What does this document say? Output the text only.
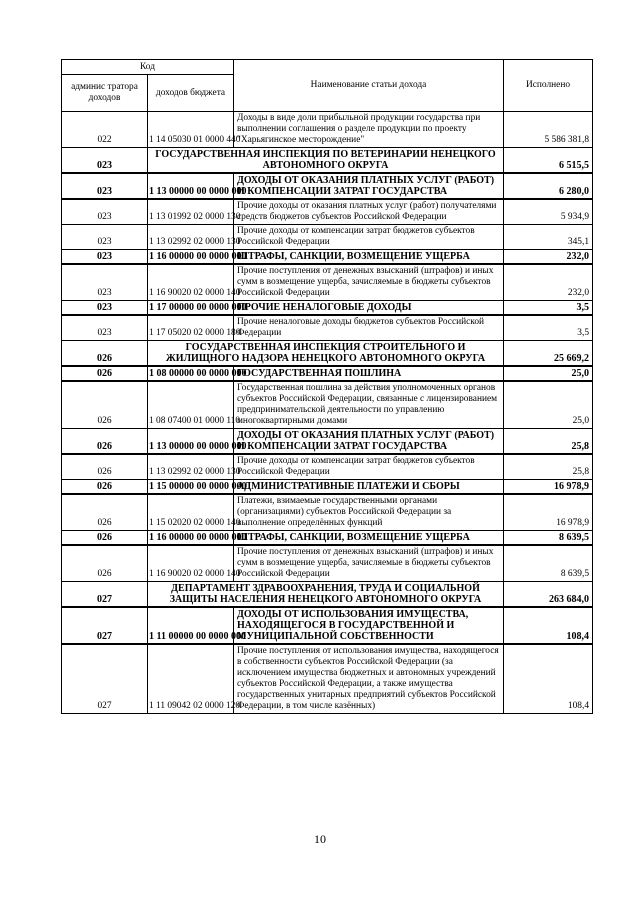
Код		Наименование статьи дохода	Исполнено
админис тратора доходов	доходов бюджета		
022	1 14 05030 01 0000 440	Доходы в виде доли прибыльной продукции государства при выполнении соглашения о разделе продукции по проекту "Харьягинское месторождение"	5 586 381,8
023	ГОСУДАРСТВЕННАЯ ИНСПЕКЦИЯ ПО ВЕТЕРИНАРИИ НЕНЕЦКОГО АВТОНОМНОГО ОКРУГА		6 515,5
023	1 13 00000 00 0000 000	ДОХОДЫ ОТ ОКАЗАНИЯ ПЛАТНЫХ УСЛУГ (РАБОТ) И КОМПЕНСАЦИИ ЗАТРАТ ГОСУДАРСТВА	6 280,0
023	1 13 01992 02 0000 130	Прочие доходы от оказания платных услуг (работ) получателями средств бюджетов субъектов Российской Федерации	5 934,9
023	1 13 02992 02 0000 130	Прочие доходы от компенсации затрат бюджетов субъектов Российской Федерации	345,1
023	1 16 00000 00 0000 000	ШТРАФЫ, САНКЦИИ, ВОЗМЕЩЕНИЕ УЩЕРБА	232,0
023	1 16 90020 02 0000 140	Прочие поступления от денежных взысканий (штрафов) и иных сумм в возмещение ущерба, зачисляемые в бюджеты субъектов Российской Федерации	232,0
023	1 17 00000 00 0000 000	ПРОЧИЕ НЕНАЛОГОВЫЕ ДОХОДЫ	3,5
023	1 17 05020 02 0000 180	Прочие неналоговые доходы бюджетов субъектов Российской Федерации	3,5
026	ГОСУДАРСТВЕННАЯ ИНСПЕКЦИЯ СТРОИТЕЛЬНОГО И ЖИЛИЩНОГО НАДЗОРА НЕНЕЦКОГО АВТОНОМНОГО ОКРУГА		25 669,2
026	1 08 00000 00 0000 000	ГОСУДАРСТВЕННАЯ ПОШЛИНА	25,0
026	1 08 07400 01 0000 110	Государственная пошлина за действия уполномоченных органов субъектов Российской Федерации, связанные с лицензированием предпринимательской деятельности по управлению многоквартирными домами	25,0
026	1 13 00000 00 0000 000	ДОХОДЫ ОТ ОКАЗАНИЯ ПЛАТНЫХ УСЛУГ (РАБОТ) И КОМПЕНСАЦИИ ЗАТРАТ ГОСУДАРСТВА	25,8
026	1 13 02992 02 0000 130	Прочие доходы от компенсации затрат бюджетов субъектов Российской Федерации	25,8
026	1 15 00000 00 0000 000	АДМИНИСТРАТИВНЫЕ ПЛАТЕЖИ И СБОРЫ	16 978,9
026	1 15 02020 02 0000 140	Платежи, взимаемые государственными органами (организациями) субъектов Российской Федерации за выполнение определённых функций	16 978,9
026	1 16 00000 00 0000 000	ШТРАФЫ, САНКЦИИ, ВОЗМЕЩЕНИЕ УЩЕРБА	8 639,5
026	1 16 90020 02 0000 140	Прочие поступления от денежных взысканий (штрафов) и иных сумм в возмещение ущерба, зачисляемые в бюджеты субъектов Российской Федерации	8 639,5
027	ДЕПАРТАМЕНТ ЗДРАВООХРАНЕНИЯ, ТРУДА И СОЦИАЛЬНОЙ ЗАЩИТЫ НАСЕЛЕНИЯ НЕНЕЦКОГО АВТОНОМНОГО ОКРУГА		263 684,0
027	1 11 00000 00 0000 000	ДОХОДЫ ОТ ИСПОЛЬЗОВАНИЯ ИМУЩЕСТВА, НАХОДЯЩЕГОСЯ В ГОСУДАРСТВЕННОЙ И МУНИЦИПАЛЬНОЙ СОБСТВЕННОСТИ	108,4
027	1 11 09042 02 0000 120	Прочие поступления от использования имущества, находящегося в собственности субъектов Российской Федерации (за исключением имущества бюджетных и автономных учреждений субъектов Российской Федерации, а также имущества государственных унитарных предприятий субъектов Российской Федерации, в том числе казённых)	108,4
10
